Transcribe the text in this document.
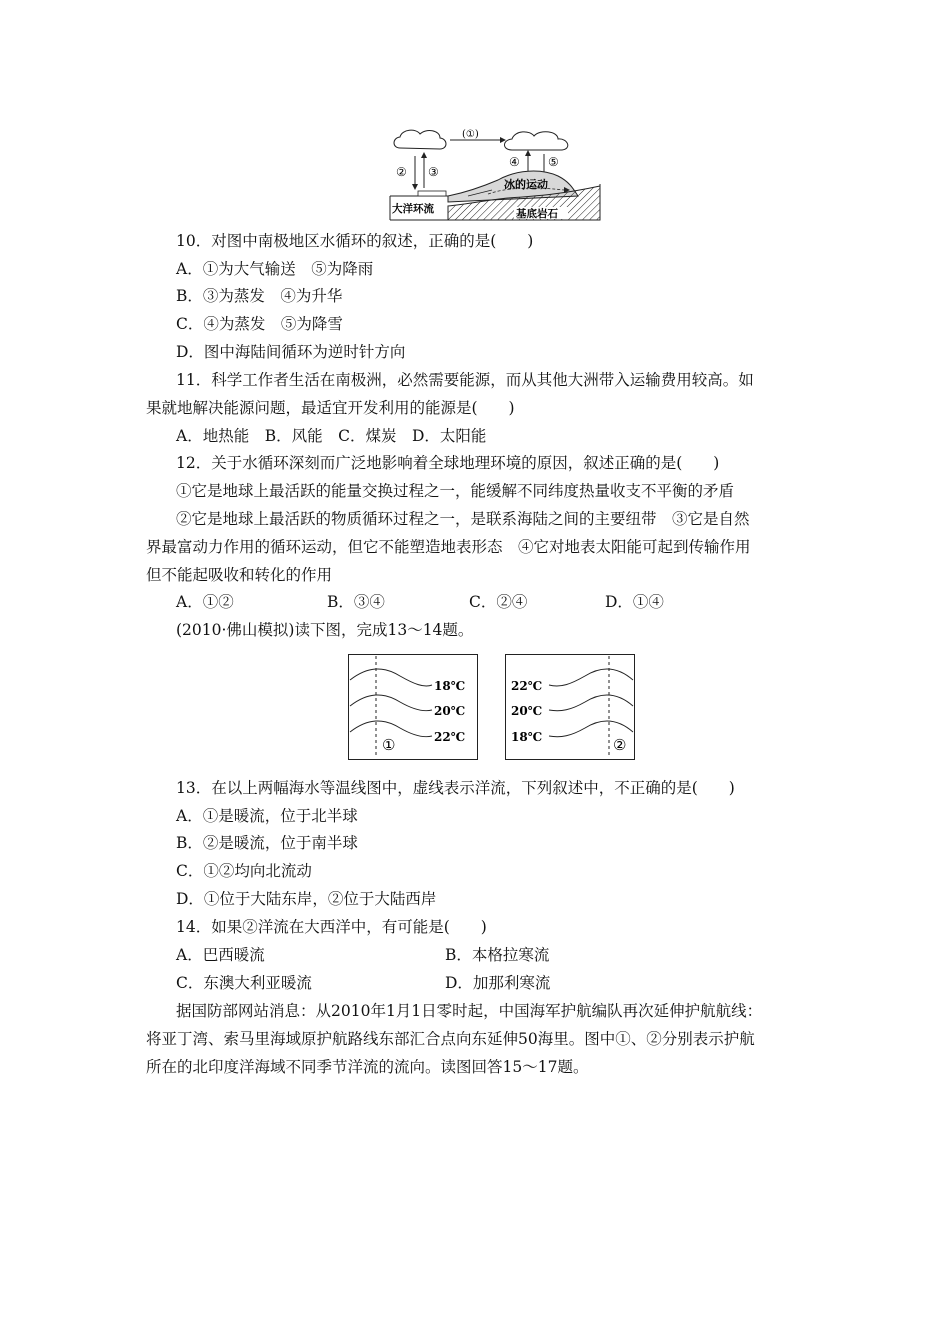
(①)
② ③
④ ⑤
冰的运动
基底岩石
大洋环流
10．对图中南极地区水循环的叙述，正确的是(　　)
A．①为大气输送　⑤为降雨
B．③为蒸发　④为升华
C．④为蒸发　⑤为降雪
D．图中海陆间循环为逆时针方向
11．科学工作者生活在南极洲，必然需要能源，而从其他大洲带入运输费用较高。如
果就地解决能源问题，最适宜开发利用的能源是(　　)
A．地热能　B．风能　C．煤炭　D．太阳能
12．关于水循环深刻而广泛地影响着全球地理环境的原因，叙述正确的是(　　)
①它是地球上最活跃的能量交换过程之一，能缓解不同纬度热量收支不平衡的矛盾
②它是地球上最活跃的物质循环过程之一，是联系海陆之间的主要纽带　③它是自然
界最富动力作用的循环运动，但它不能塑造地表形态　④它对地表太阳能可起到传输作用
但不能起吸收和转化的作用
A．①②	B．③④	C．②④	D．①④
(2010·佛山模拟)读下图，完成13～14题。
18℃
20℃
22℃
①
22℃
20℃
18℃	②
13．在以上两幅海水等温线图中，虚线表示洋流，下列叙述中，不正确的是(　　)
A．①是暖流，位于北半球
B．②是暖流，位于南半球
C．①②均向北流动
D．①位于大陆东岸，②位于大陆西岸
14．如果②洋流在大西洋中，有可能是(　　)
A．巴西暖流	B．本格拉寒流
C．东澳大利亚暖流	D．加那利寒流
据国防部网站消息：从2010年1月1日零时起，中国海军护航编队再次延伸护航航线：
将亚丁湾、索马里海域原护航路线东部汇合点向东延伸50海里。图中①、②分别表示护航
所在的北印度洋海域不同季节洋流的流向。读图回答15～17题。
